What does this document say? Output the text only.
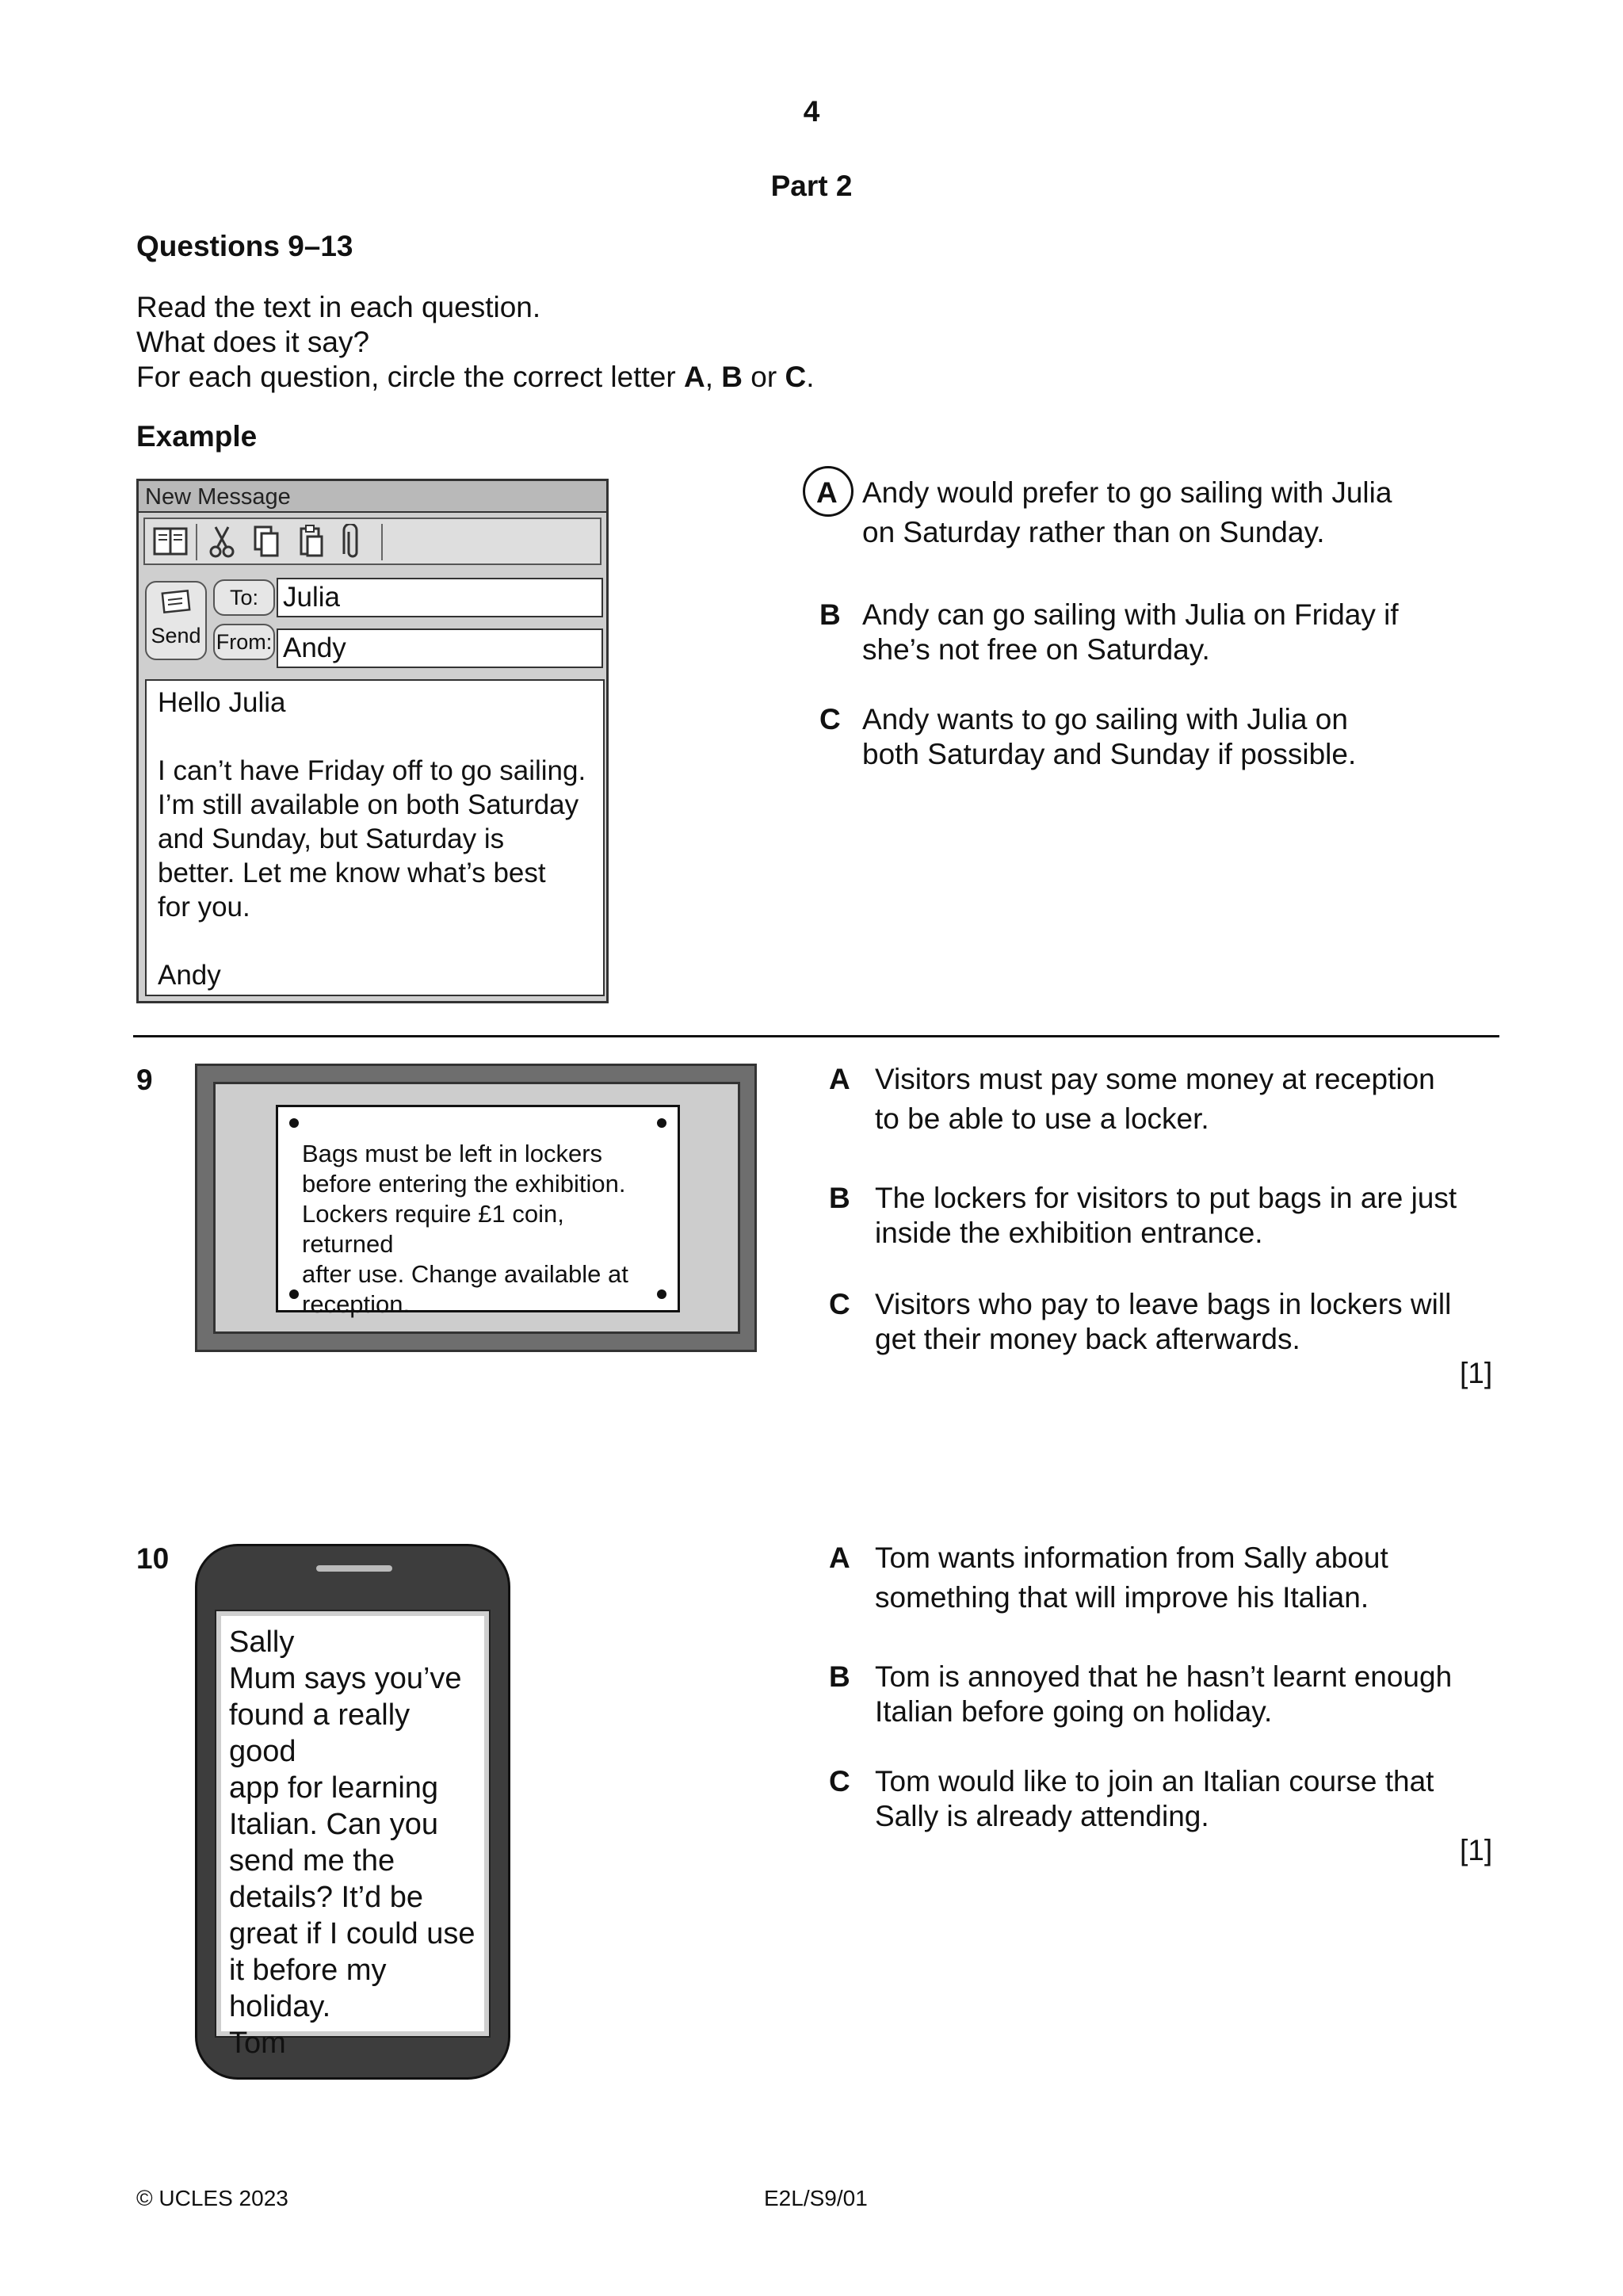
4
Part 2
Questions 9–13
Read the text in each question.
What does it say?
For each question, circle the correct letter A, B or C.
Example
New Message
Send
To:
From:
Julia
Andy
Hello Julia
I can’t have Friday off to go sailing.
I’m still available on both Saturday
and Sunday, but Saturday is
better. Let me know what’s best
for you.
Andy
A Andy would prefer to go sailing with Julia
on Saturday rather than on Sunday.
B Andy can go sailing with Julia on Friday if
she’s not free on Saturday.
C Andy wants to go sailing with Julia on
both Saturday and Sunday if possible.
9
Bags must be left in lockers
before entering the exhibition.
Lockers require £1 coin, returned
after use. Change available at
reception.
A Visitors must pay some money at reception
to be able to use a locker.
B The lockers for visitors to put bags in are just
inside the exhibition entrance.
C Visitors who pay to leave bags in lockers will
get their money back afterwards.
[1]
10
Sally
Mum says you’ve
found a really good
app for learning
Italian. Can you
send me the
details? It’d be
great if I could use
it before my
holiday.
Tom
A Tom wants information from Sally about
something that will improve his Italian.
B Tom is annoyed that he hasn’t learnt enough
Italian before going on holiday.
C Tom would like to join an Italian course that
Sally is already attending.
[1]
© UCLES 2023	E2L/S9/01
